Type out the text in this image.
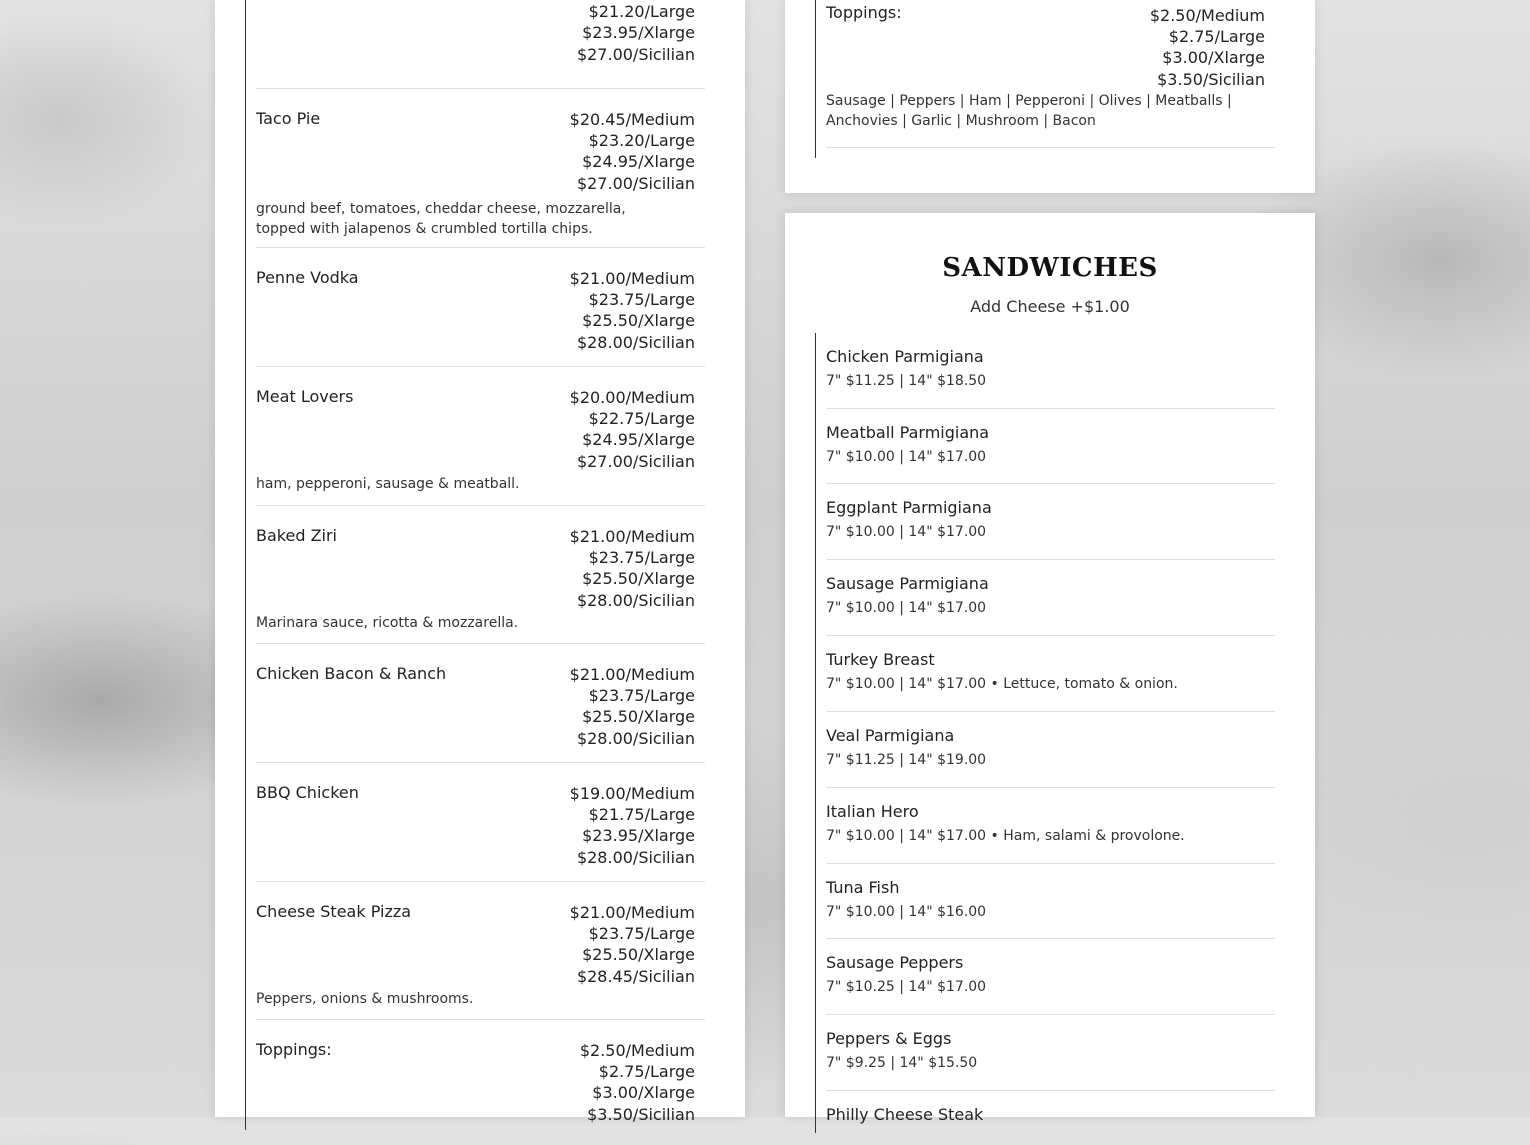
$21.20/Large
$23.95/Xlarge
$27.00/Sicilian
Taco Pie	$20.45/Medium
$23.20/Large
$24.95/Xlarge
$27.00/Sicilian
ground beef, tomatoes, cheddar cheese, mozzarella, topped with jalapenos & crumbled tortilla chips.
Penne Vodka	$21.00/Medium
$23.75/Large
$25.50/Xlarge
$28.00/Sicilian
Meat Lovers	$20.00/Medium
$22.75/Large
$24.95/Xlarge
$27.00/Sicilian
ham, pepperoni, sausage & meatball.
Baked Ziri	$21.00/Medium
$23.75/Large
$25.50/Xlarge
$28.00/Sicilian
Marinara sauce, ricotta & mozzarella.
Chicken Bacon & Ranch	$21.00/Medium
$23.75/Large
$25.50/Xlarge
$28.00/Sicilian
BBQ Chicken	$19.00/Medium
$21.75/Large
$23.95/Xlarge
$28.00/Sicilian
Cheese Steak Pizza	$21.00/Medium
$23.75/Large
$25.50/Xlarge
$28.45/Sicilian
Peppers, onions & mushrooms.
Toppings:	$2.50/Medium
$2.75/Large
$3.00/Xlarge
$3.50/Sicilian
Toppings:	$2.50/Medium
$2.75/Large
$3.00/Xlarge
$3.50/Sicilian
Sausage | Peppers | Ham | Pepperoni | Olives | Meatballs | Anchovies | Garlic | Mushroom | Bacon
SANDWICHES
Add Cheese +$1.00
Chicken Parmigiana
7" $11.25 | 14" $18.50
Meatball Parmigiana
7" $10.00 | 14" $17.00
Eggplant Parmigiana
7" $10.00 | 14" $17.00
Sausage Parmigiana
7" $10.00 | 14" $17.00
Turkey Breast
7" $10.00 | 14" $17.00 • Lettuce, tomato & onion.
Veal Parmigiana
7" $11.25 | 14" $19.00
Italian Hero
7" $10.00 | 14" $17.00 • Ham, salami & provolone.
Tuna Fish
7" $10.00 | 14" $16.00
Sausage Peppers
7" $10.25 | 14" $17.00
Peppers & Eggs
7" $9.25 | 14" $15.50
Philly Cheese Steak
